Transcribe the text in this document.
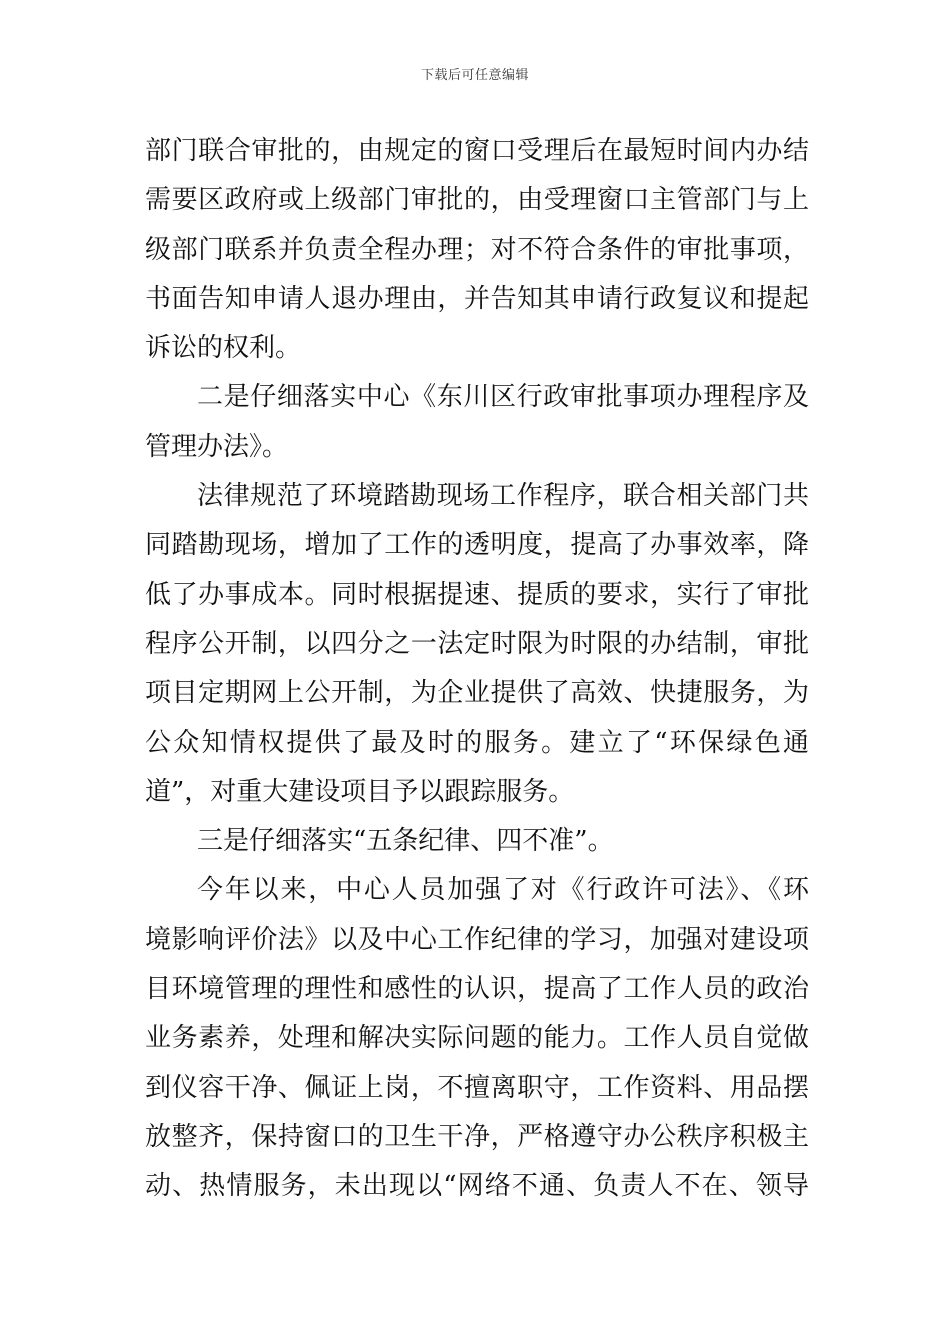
下载后可任意编辑
部门联合审批的，由规定的窗口受理后在最短时间内办结
需要区政府或上级部门审批的，由受理窗口主管部门与上
级部门联系并负责全程办理；对不符合条件的审批事项，
书面告知申请人退办理由，并告知其申请行政复议和提起
诉讼的权利。
二是仔细落实中心《东川区行政审批事项办理程序及
管理办法》。
法律规范了环境踏勘现场工作程序，联合相关部门共
同踏勘现场，增加了工作的透明度，提高了办事效率，降
低了办事成本。同时根据提速、提质的要求，实行了审批
程序公开制，以四分之一法定时限为时限的办结制，审批
项目定期网上公开制，为企业提供了高效、快捷服务，为
公众知情权提供了最及时的服务。建立了“环保绿色通
道”，对重大建设项目予以跟踪服务。
三是仔细落实“五条纪律、四不准”。
今年以来，中心人员加强了对《行政许可法》、《环
境影响评价法》以及中心工作纪律的学习，加强对建设项
目环境管理的理性和感性的认识，提高了工作人员的政治
业务素养，处理和解决实际问题的能力。工作人员自觉做
到仪容干净、佩证上岗，不擅离职守，工作资料、用品摆
放整齐，保持窗口的卫生干净，严格遵守办公秩序积极主
动、热情服务，未出现以“网络不通、负责人不在、领导
